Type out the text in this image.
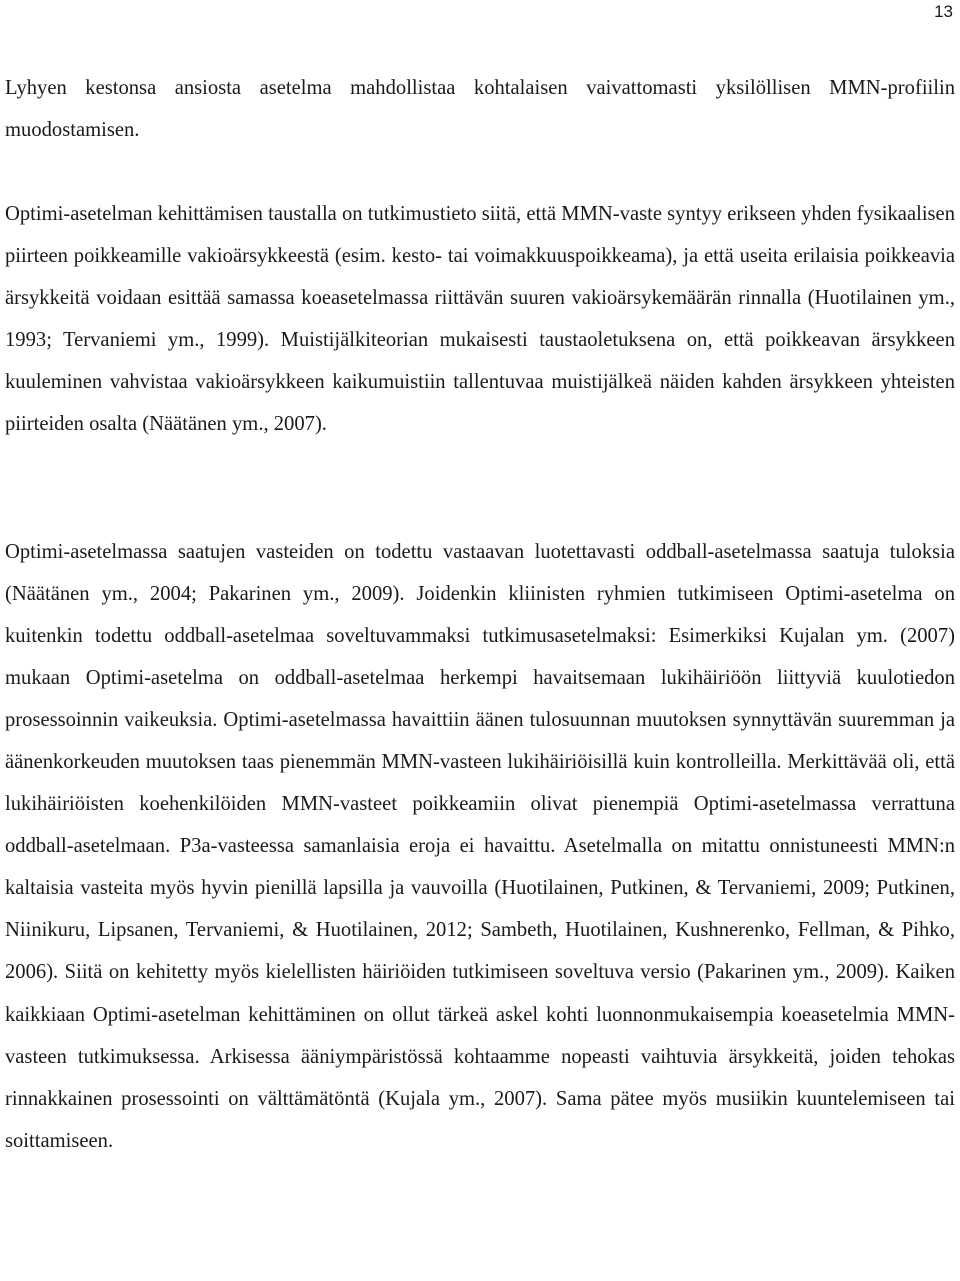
13

Lyhyen kestonsa ansiosta asetelma mahdollistaa kohtalaisen vaivattomasti yksilöllisen MMN-profiilin muodostamisen.

Optimi-asetelman kehittämisen taustalla on tutkimustieto siitä, että MMN-vaste syntyy erikseen yhden fysikaalisen piirteen poikkeamille vakioärsykkeestä (esim. kesto- tai voimakkuuspoikkeama), ja että useita erilaisia poikkeavia ärsykkeitä voidaan esittää samassa koeasetelmassa riittävän suuren vakioärsykemäärän rinnalla (Huotilainen ym., 1993; Tervaniemi ym., 1999). Muistijälkiteorian mukaisesti taustaoletuksena on, että poikkeavan ärsykkeen kuuleminen vahvistaa vakioärsykkeen kaikumuistiin tallentuvaa muistijälkeä näiden kahden ärsykkeen yhteisten piirteiden osalta (Näätänen ym., 2007).

Optimi-asetelmassa saatujen vasteiden on todettu vastaavan luotettavasti oddball-asetelmassa saatuja tuloksia (Näätänen ym., 2004; Pakarinen ym., 2009). Joidenkin kliinisten ryhmien tutkimiseen Optimi-asetelma on kuitenkin todettu oddball-asetelmaa soveltuvammaksi tutkimusasetelmaksi: Esimerkiksi Kujalan ym. (2007) mukaan Optimi-asetelma on oddball-asetelmaa herkempi havaitsemaan lukihäiriöön liittyviä kuulotiedon prosessoinnin vaikeuksia. Optimi-asetelmassa havaittiin äänen tulosuunnan muutoksen synnyttävän suuremman ja äänenkorkeuden muutoksen taas pienemmän MMN-vasteen lukihäiriöisillä kuin kontrolleilla. Merkittävää oli, että lukihäiriöisten koehenkilöiden MMN-vasteet poikkeamiin olivat pienempiä Optimi-asetelmassa verrattuna oddball-asetelmaan. P3a-vasteessa samanlaisia eroja ei havaittu. Asetelmalla on mitattu onnistuneesti MMN:n kaltaisia vasteita myös hyvin pienillä lapsilla ja vauvoilla (Huotilainen, Putkinen, & Tervaniemi, 2009; Putkinen, Niinikuru, Lipsanen, Tervaniemi, & Huotilainen, 2012; Sambeth, Huotilainen, Kushnerenko, Fellman, & Pihko, 2006). Siitä on kehitetty myös kielellisten häiriöiden tutkimiseen soveltuva versio (Pakarinen ym., 2009). Kaiken kaikkiaan Optimi-asetelman kehittäminen on ollut tärkeä askel kohti luonnonmukaisempia koeasetelmia MMN-vasteen tutkimuksessa. Arkisessa ääniympäristössä kohtaamme nopeasti vaihtuvia ärsykkeitä, joiden tehokas rinnakkainen prosessointi on välttämätöntä (Kujala ym., 2007). Sama pätee myös musiikin kuuntelemiseen tai soittamiseen.
